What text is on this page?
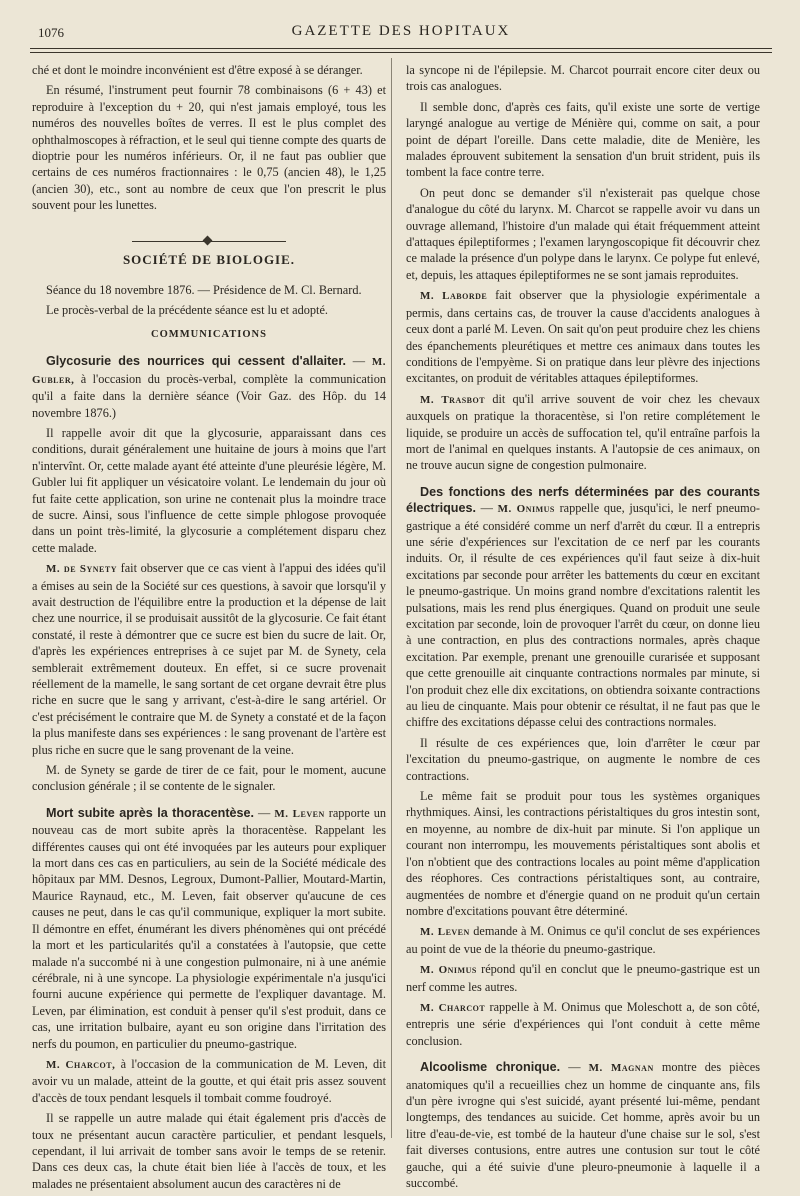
1076	GAZETTE DES HOPITAUX

ché et dont le moindre inconvénient est d'être exposé à se déranger.

En résumé, l'instrument peut fournir 78 combinaisons (6 + 43) et reproduire à l'exception du + 20, qui n'est jamais employé, tous les numéros des nouvelles boîtes de verres. Il est le plus complet des ophthalmoscopes à réfraction, et le seul qui tienne compte des quarts de dioptrie pour les numéros inférieurs. Or, il ne faut pas oublier que certains de ces numéros fractionnaires : le 0,75 (ancien 48), le 1,25 (ancien 30), etc., sont au nombre de ceux que l'on prescrit le plus souvent pour les lunettes.

SOCIÉTÉ DE BIOLOGIE.

Séance du 18 novembre 1876. — Présidence de M. Cl. Bernard.

Le procès-verbal de la précédente séance est lu et adopté.

COMMUNICATIONS

Glycosurie des nourrices qui cessent d'allaiter. — M. Gubler, à l'occasion du procès-verbal, complète la communication qu'il a faite dans la dernière séance (Voir Gaz. des Hôp. du 14 novembre 1876.)

Il rappelle avoir dit que la glycosurie, apparaissant dans ces conditions, durait généralement une huitaine de jours à moins que l'art n'intervînt. Or, cette malade ayant été atteinte d'une pleurésie légère, M. Gubler lui fit appliquer un vésicatoire volant. Le lendemain du jour où fut faite cette application, son urine ne contenait plus la moindre trace de sucre. Ainsi, sous l'influence de cette simple phlogose provoquée dans un point très-limité, la glycosurie a complétement disparu chez cette malade.

M. de Synety fait observer que ce cas vient à l'appui des idées qu'il a émises au sein de la Société sur ces questions, à savoir que lorsqu'il y avait destruction de l'équilibre entre la production et la dépense de lait chez une nourrice, il se produisait aussitôt de la glycosurie. Ce fait étant constaté, il reste à démontrer que ce sucre est bien du sucre de lait. Or, d'après les expériences entreprises à ce sujet par M. de Synety, cela semblerait extrêmement douteux. En effet, si ce sucre provenait réellement de la mamelle, le sang sortant de cet organe devrait être plus riche en sucre que le sang y arrivant, c'est-à-dire le sang artériel. Or c'est précisément le contraire que M. de Synety a constaté et de la façon la plus manifeste dans ses expériences : le sang provenant de l'artère est plus riche en sucre que le sang provenant de la veine.

M. de Synety se garde de tirer de ce fait, pour le moment, aucune conclusion générale ; il se contente de le signaler.

Mort subite après la thoracentèse. — M. Leven rapporte un nouveau cas de mort subite après la thoracentèse. Rappelant les différentes causes qui ont été invoquées par les auteurs pour expliquer la mort dans ces cas en particuliers, au sein de la Société médicale des hôpitaux par MM. Desnos, Legroux, Dumont-Pallier, Moutard-Martin, Maurice Raynaud, etc., M. Leven, fait observer qu'aucune de ces causes ne peut, dans le cas qu'il communique, expliquer la mort subite. Il démontre en effet, énumérant les divers phénomènes qui ont précédé la mort et les particularités qu'il a constatées à l'autopsie, que cette malade n'a succombé ni à une congestion pulmonaire, ni à une anémie cérébrale, ni à une syncope. La physiologie expérimentale n'a jusqu'ici fourni aucune expérience qui permette de l'expliquer davantage. M. Leven, par élimination, est conduit à penser qu'il s'est produit, dans ce cas, une irritation bulbaire, ayant eu son origine dans l'irritation des nerfs du poumon, en particulier du pneumo-gastrique.

M. Charcot, à l'occasion de la communication de M. Leven, dit avoir vu un malade, atteint de la goutte, et qui était pris assez souvent d'accès de toux pendant lesquels il tombait comme foudroyé.

Il se rappelle un autre malade qui était également pris d'accès de toux ne présentant aucun caractère particulier, et pendant lesquels, cependant, il lui arrivait de tomber sans avoir le temps de se retenir. Dans ces deux cas, la chute était bien liée à l'accès de toux, et les malades ne présentaient absolument aucun des caractères ni de

la syncope ni de l'épilepsie. M. Charcot pourrait encore citer deux ou trois cas analogues.

Il semble donc, d'après ces faits, qu'il existe une sorte de vertige laryngé analogue au vertige de Ménière qui, comme on sait, a pour point de départ l'oreille. Dans cette maladie, dite de Menière, les malades éprouvent subitement la sensation d'un bruit strident, puis ils tombent la face contre terre.

On peut donc se demander s'il n'existerait pas quelque chose d'analogue du côté du larynx. M. Charcot se rappelle avoir vu dans un ouvrage allemand, l'histoire d'un malade qui était fréquemment atteint d'attaques épileptiformes ; l'examen laryngoscopique fit découvrir chez ce malade la présence d'un polype dans le larynx. Ce polype fut enlevé, et, depuis, les attaques épileptiformes ne se sont jamais reproduites.

M. Laborde fait observer que la physiologie expérimentale a permis, dans certains cas, de trouver la cause d'accidents analogues à ceux dont a parlé M. Leven. On sait qu'on peut produire chez les chiens des épanchements pleurétiques et mettre ces animaux dans toutes les conditions de l'empyème. Si on pratique dans leur plèvre des injections excitantes, on produit de véritables attaques épileptiformes.

M. Trasbot dit qu'il arrive souvent de voir chez les chevaux auxquels on pratique la thoracentèse, si l'on retire complétement le liquide, se produire un accès de suffocation tel, qu'il entraîne parfois la mort de l'animal en quelques instants. A l'autopsie de ces animaux, on ne trouve aucun signe de congestion pulmonaire.

Des fonctions des nerfs déterminées par des courants électriques. — M. Onimus rappelle que, jusqu'ici, le nerf pneumo-gastrique a été considéré comme un nerf d'arrêt du cœur. Il a entrepris une série d'expériences sur l'excitation de ce nerf par les courants induits. Or, il résulte de ces expériences qu'il faut seize à dix-huit excitations par seconde pour arrêter les battements du cœur en excitant le pneumo-gastrique. Un moins grand nombre d'excitations ralentit les pulsations, mais les rend plus énergiques. Quand on produit une seule excitation par seconde, loin de provoquer l'arrêt du cœur, on donne lieu à une contraction, en plus des contractions normales, après chaque excitation. Par exemple, prenant une grenouille curarisée et supposant que cette grenouille ait cinquante contractions normales par minute, si l'on produit chez elle dix excitations, on obtiendra soixante contractions au lieu de cinquante. Mais pour obtenir ce résultat, il ne faut pas que le chiffre des excitations dépasse celui des contractions normales.

Il résulte de ces expériences que, loin d'arrêter le cœur par l'excitation du pneumo-gastrique, on augmente le nombre de ces contractions.

Le même fait se produit pour tous les systèmes organiques rhythmiques. Ainsi, les contractions péristaltiques du gros intestin sont, en moyenne, au nombre de dix-huit par minute. Si l'on applique un courant non interrompu, les mouvements péristaltiques sont abolis et l'on n'obtient que des contractions locales au point même d'application des réophores. Ces contractions péristaltiques sont, au contraire, augmentées de nombre et d'énergie quand on ne produit qu'un certain nombre d'excitations pouvant être déterminé.

M. Leven demande à M. Onimus ce qu'il conclut de ses expériences au point de vue de la théorie du pneumo-gastrique.

M. Onimus répond qu'il en conclut que le pneumo-gastrique est un nerf comme les autres.

M. Charcot rappelle à M. Onimus que Moleschott a, de son côté, entrepris une série d'expériences qui l'ont conduit à cette même conclusion.

Alcoolisme chronique. — M. Magnan montre des pièces anatomiques qu'il a recueillies chez un homme de cinquante ans, fils d'un père ivrogne qui s'est suicidé, ayant présenté lui-même, pendant longtemps, des tendances au suicide. Cet homme, après avoir bu un litre d'eau-de-vie, est tombé de la hauteur d'une chaise sur le sol, s'est fait diverses contusions, entre autres une contusion sur tout le côté gauche, qui a été suivie d'une pleuro-pneumonie à laquelle il a succombé.
